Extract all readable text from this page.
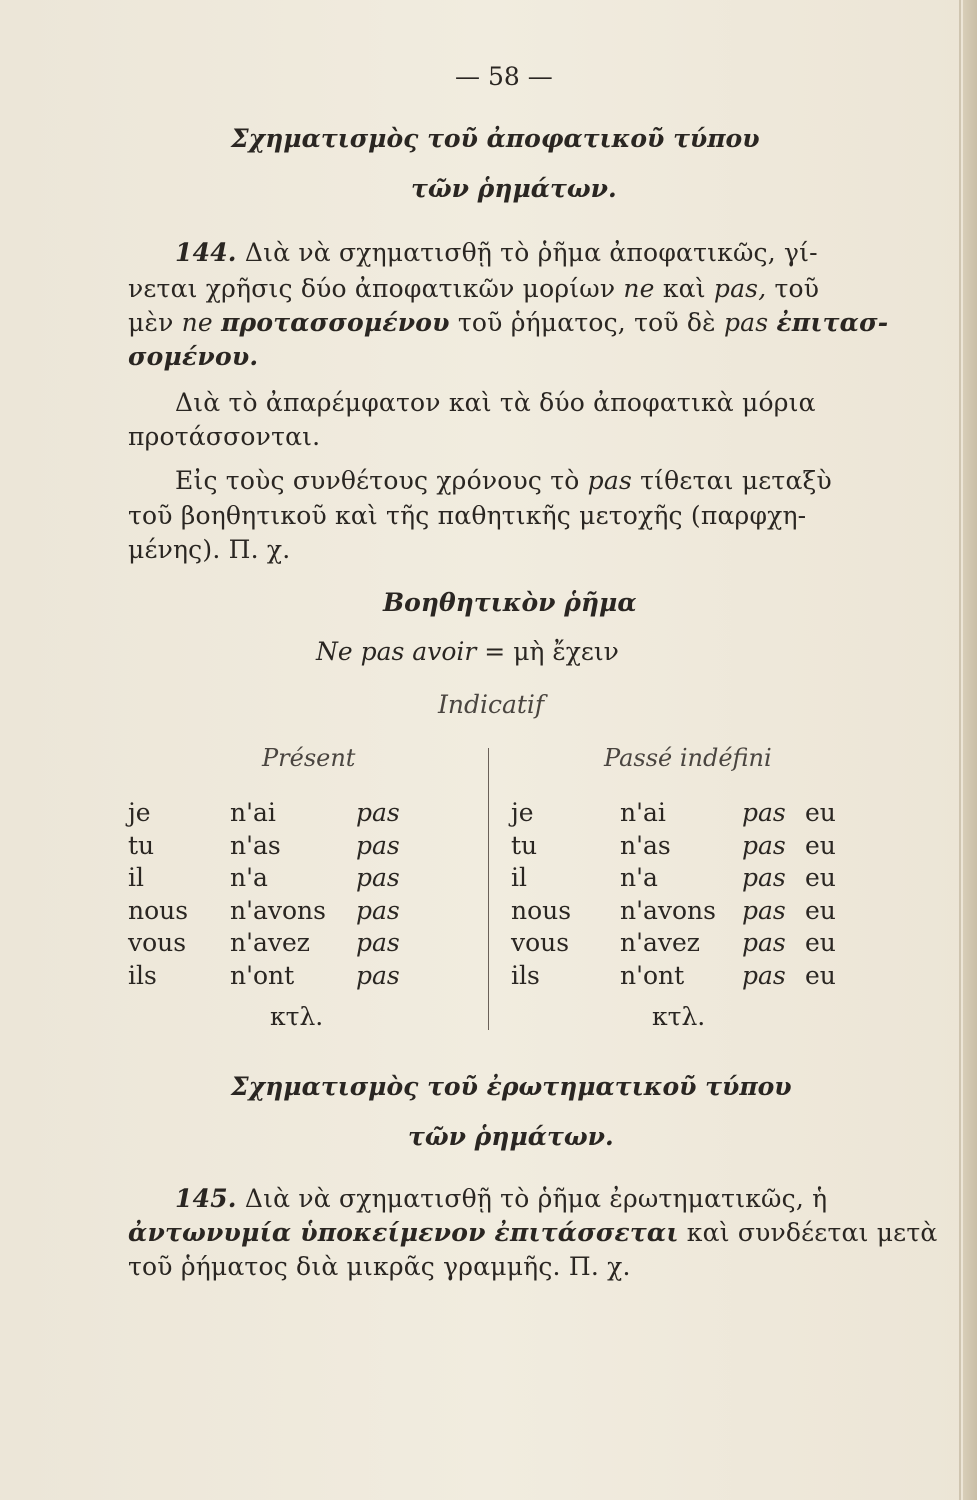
— 58 —
Σχηματισμὸς τοῦ ἀποφατικοῦ τύπου
τῶν ῥημάτων.
144. Διὰ νὰ σχηματισθῇ τὸ ῥῆμα ἀποφατικῶς, γί-
νεται χρῆσις δύο ἀποφατικῶν μορίων ne καὶ pas, τοῦ
μὲν ne προτασσομένου τοῦ ῥήματος, τοῦ δὲ pas ἐπιτασ-
σομένου.
Διὰ τὸ ἀπαρέμφατον καὶ τὰ δύο ἀποφατικὰ μόρια
προτάσσονται.
Εἰς τοὺς συνθέτους χρόνους τὸ pas τίθεται μεταξὺ
τοῦ βοηθητικοῦ καὶ τῆς παθητικῆς μετοχῆς (παρφχη-
μένης). Π. χ.
Βοηθητικὸν ῥῆμα
Ne pas avoir = μὴ ἔχειν
Indicatif
Présent	Passé indéfini
κτλ.	κτλ.
Σχηματισμὸς τοῦ ἐρωτηματικοῦ τύπου
τῶν ῥημάτων.
145. Διὰ νὰ σχηματισθῇ τὸ ῥῆμα ἐρωτηματικῶς, ἡ
ἀντωνυμία ὑποκείμενον ἐπιτάσσεται καὶ συνδέεται μετὰ
τοῦ ῥήματος διὰ μικρᾶς γραμμῆς. Π. χ.
je	n'ai	pas
tu	n'as	pas
il	n'a	pas
nous n'avons pas
vous n'avez pas
ils	n'ont pas
je	n'ai	pas eu
tu	n'as	pas eu
il	n'a	pas eu
nous n'avons pas eu
vous n'avez pas eu
ils	n'ont pas eu
